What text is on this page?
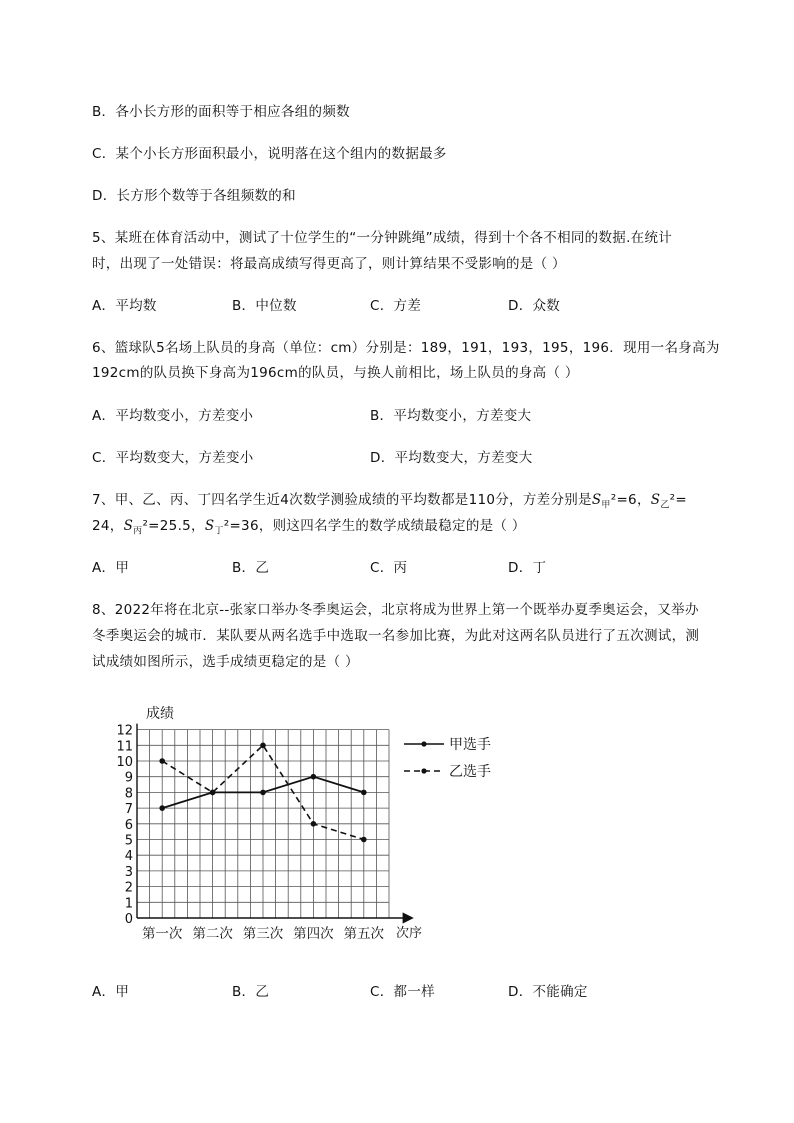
B．各小长方形的面积等于相应各组的频数
C．某个小长方形面积最小，说明落在这个组内的数据最多
D．长方形个数等于各组频数的和
5、某班在体育活动中，测试了十位学生的“一分钟跳绳”成绩，得到十个各不相同的数据.在统计
时，出现了一处错误：将最高成绩写得更高了，则计算结果不受影响的是（ ）
A．平均数	B．中位数	C．方差	D．众数
6、篮球队5名场上队员的身高（单位：cm）分别是：189，191，193，195，196．现用一名身高为
192cm的队员换下身高为196cm的队员，与换人前相比，场上队员的身高（ ）
A．平均数变小，方差变小	B．平均数变小，方差变大
C．平均数变大，方差变小	D．平均数变大，方差变大
7、甲、乙、丙、丁四名学生近4次数学测验成绩的平均数都是110分，方差分别是$S_甲^2=6$，$S_乙^2=$
24，$S_丙^2=25.5$，$S_丁^2=36$，则这四名学生的数学成绩最稳定的是（ ）
A．甲	B．乙	C．丙	D．丁
8、2022年将在北京--张家口举办冬季奥运会，北京将成为世界上第一个既举办夏季奥运会，又举办
冬季奥运会的城市．某队要从两名选手中选取一名参加比赛，为此对这两名队员进行了五次测试，测
试成绩如图所示，选手成绩更稳定的是（ ）
0
1
2
3
4
5
6
7
8
9
10
11
12
第一次 第二次 第三次 第四次 第五次
甲选手
乙选手
成绩
次序
A．甲	B．乙	C．都一样	D．不能确定
